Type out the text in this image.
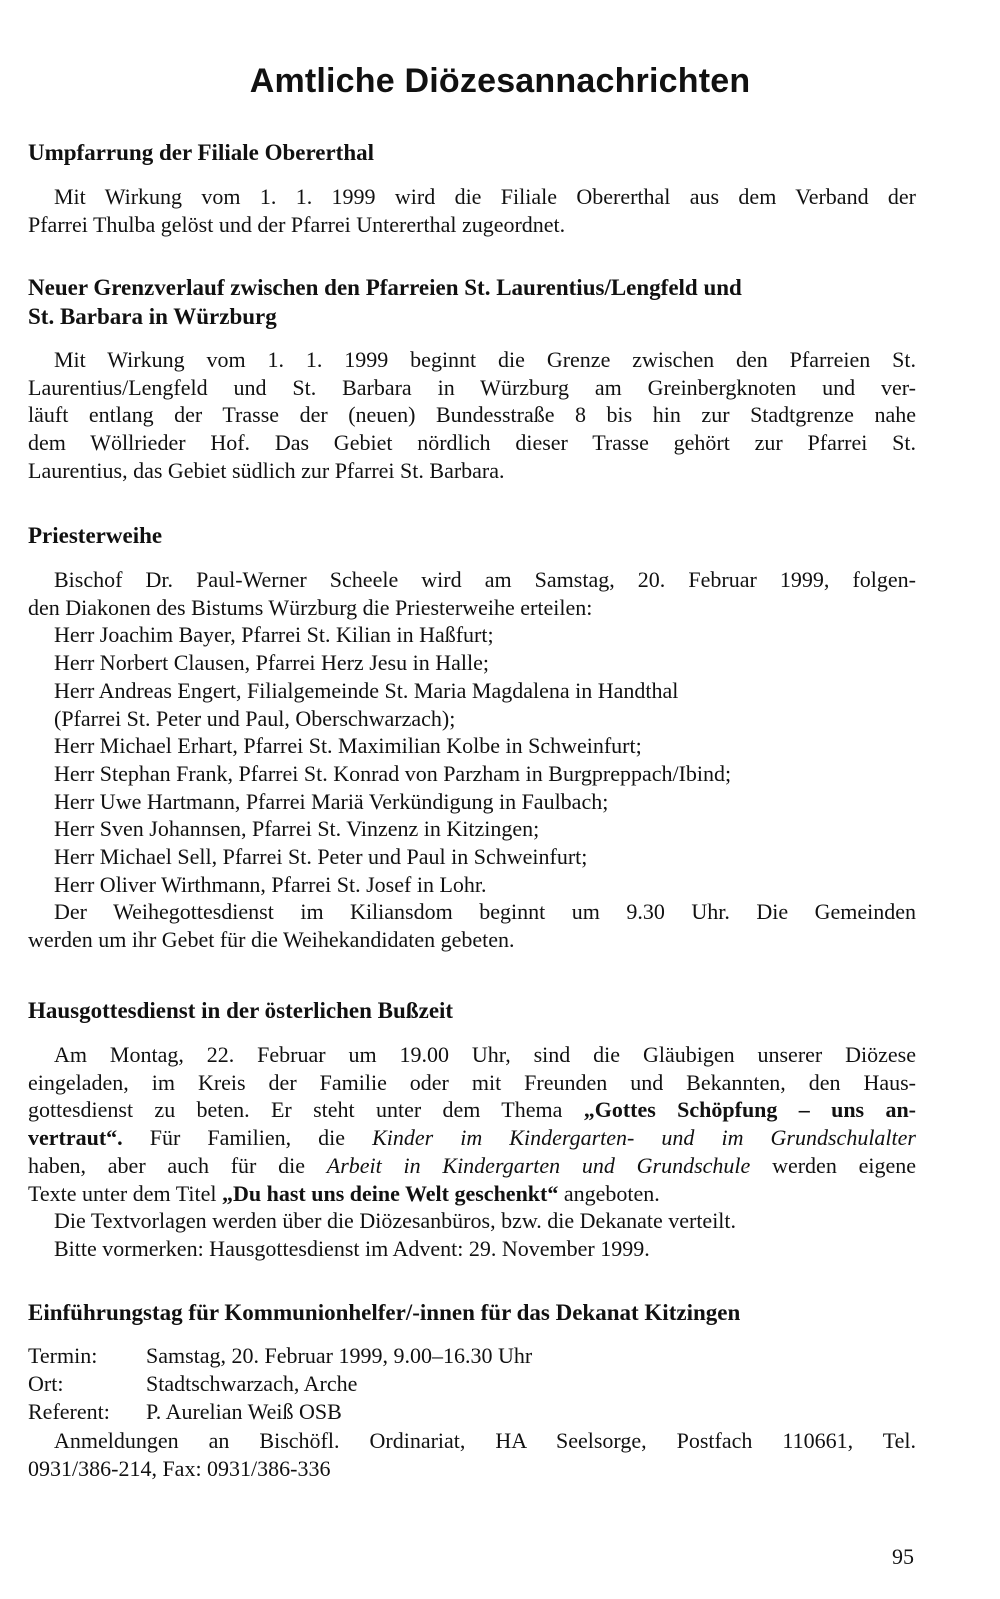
Amtliche Diözesannachrichten
Umpfarrung der Filiale Obererthal
Mit Wirkung vom 1. 1. 1999 wird die Filiale Obererthal aus dem Verband der
Pfarrei Thulba gelöst und der Pfarrei Untererthal zugeordnet.
Neuer Grenzverlauf zwischen den Pfarreien St. Laurentius/Lengfeld und
St. Barbara in Würzburg
Mit Wirkung vom 1. 1. 1999 beginnt die Grenze zwischen den Pfarreien St.
Laurentius/Lengfeld und St. Barbara in Würzburg am Greinbergknoten und ver-
läuft entlang der Trasse der (neuen) Bundesstraße 8 bis hin zur Stadtgrenze nahe
dem Wöllrieder Hof. Das Gebiet nördlich dieser Trasse gehört zur Pfarrei St.
Laurentius, das Gebiet südlich zur Pfarrei St. Barbara.
Priesterweihe
Bischof Dr. Paul-Werner Scheele wird am Samstag, 20. Februar 1999, folgen-
den Diakonen des Bistums Würzburg die Priesterweihe erteilen:
Herr Joachim Bayer, Pfarrei St. Kilian in Haßfurt;
Herr Norbert Clausen, Pfarrei Herz Jesu in Halle;
Herr Andreas Engert, Filialgemeinde St. Maria Magdalena in Handthal
(Pfarrei St. Peter und Paul, Oberschwarzach);
Herr Michael Erhart, Pfarrei St. Maximilian Kolbe in Schweinfurt;
Herr Stephan Frank, Pfarrei St. Konrad von Parzham in Burgpreppach/Ibind;
Herr Uwe Hartmann, Pfarrei Mariä Verkündigung in Faulbach;
Herr Sven Johannsen, Pfarrei St. Vinzenz in Kitzingen;
Herr Michael Sell, Pfarrei St. Peter und Paul in Schweinfurt;
Herr Oliver Wirthmann, Pfarrei St. Josef in Lohr.
Der Weihegottesdienst im Kiliansdom beginnt um 9.30 Uhr. Die Gemeinden
werden um ihr Gebet für die Weihekandidaten gebeten.
Hausgottesdienst in der österlichen Bußzeit
Am Montag, 22. Februar um 19.00 Uhr, sind die Gläubigen unserer Diözese
eingeladen, im Kreis der Familie oder mit Freunden und Bekannten, den Haus-
gottesdienst zu beten. Er steht unter dem Thema „Gottes Schöpfung – uns an-
vertraut“. Für Familien, die Kinder im Kindergarten- und im Grundschulalter
haben, aber auch für die Arbeit in Kindergarten und Grundschule werden eigene
Texte unter dem Titel „Du hast uns deine Welt geschenkt“ angeboten.
Die Textvorlagen werden über die Diözesanbüros, bzw. die Dekanate verteilt.
Bitte vormerken: Hausgottesdienst im Advent: 29. November 1999.
Einführungstag für Kommunionhelfer/-innen für das Dekanat Kitzingen
Termin:	Samstag, 20. Februar 1999, 9.00–16.30 Uhr
Ort:	Stadtschwarzach, Arche
Referent:	P. Aurelian Weiß OSB
Anmeldungen an Bischöfl. Ordinariat, HA Seelsorge, Postfach 110661, Tel.
0931/386-214, Fax: 0931/386-336
95
